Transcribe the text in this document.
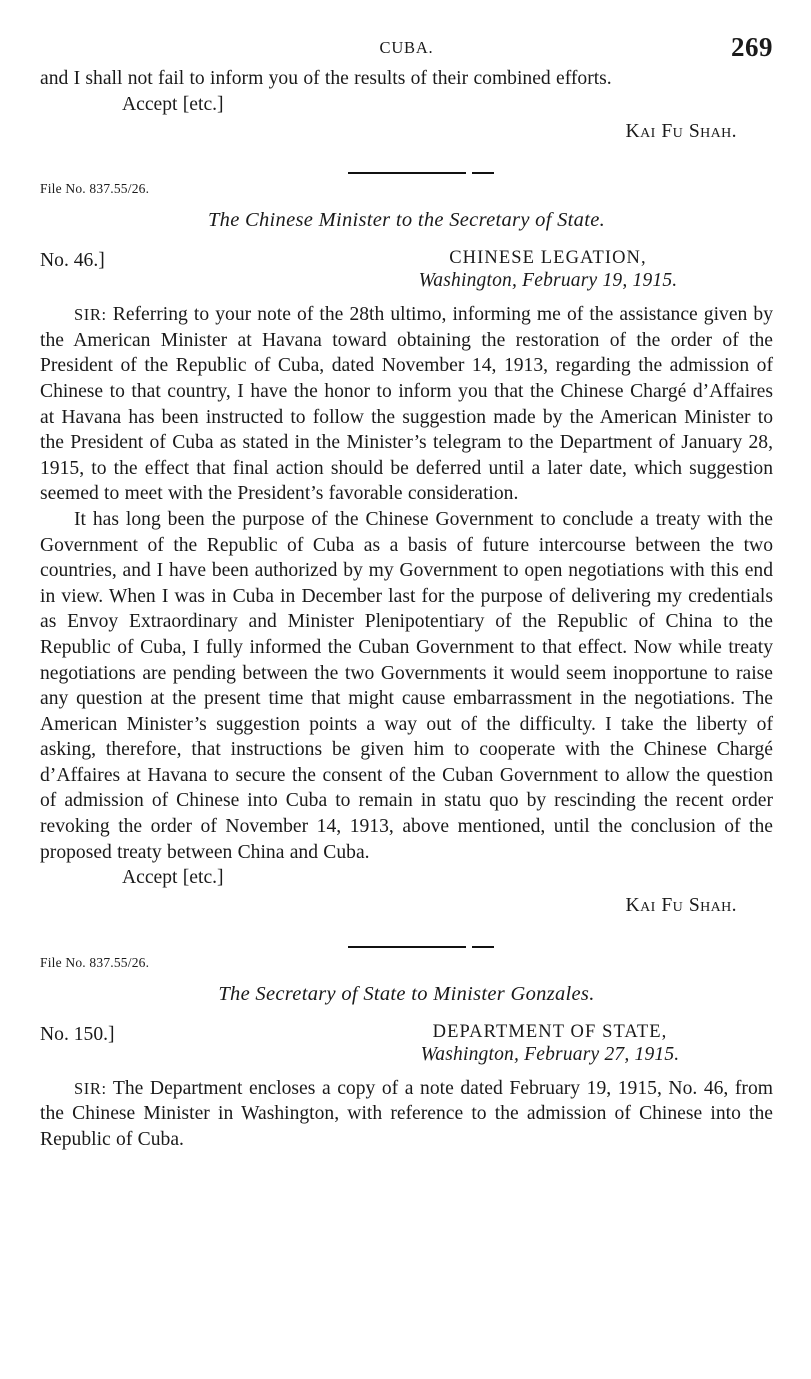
CUBA.	269

and I shall not fail to inform you of the results of their combined efforts.

Accept [etc.]

Kai Fu Shah.

File No. 837.55/26.

The Chinese Minister to the Secretary of State.

No. 46.]	CHINESE LEGATION,
Washington, February 19, 1915.

SIR: Referring to your note of the 28th ultimo, informing me of the assistance given by the American Minister at Havana toward obtaining the restoration of the order of the President of the Republic of Cuba, dated November 14, 1913, regarding the admission of Chinese to that country, I have the honor to inform you that the Chinese Chargé d’Affaires at Havana has been instructed to follow the suggestion made by the American Minister to the President of Cuba as stated in the Minister’s telegram to the Department of January 28, 1915, to the effect that final action should be deferred until a later date, which suggestion seemed to meet with the President’s favorable consideration.

It has long been the purpose of the Chinese Government to conclude a treaty with the Government of the Republic of Cuba as a basis of future intercourse between the two countries, and I have been authorized by my Government to open negotiations with this end in view. When I was in Cuba in December last for the purpose of delivering my credentials as Envoy Extraordinary and Minister Plenipotentiary of the Republic of China to the Republic of Cuba, I fully informed the Cuban Government to that effect. Now while treaty negotiations are pending between the two Governments it would seem inopportune to raise any question at the present time that might cause embarrassment in the negotiations. The American Minister’s suggestion points a way out of the difficulty. I take the liberty of asking, therefore, that instructions be given him to cooperate with the Chinese Chargé d’Affaires at Havana to secure the consent of the Cuban Government to allow the question of admission of Chinese into Cuba to remain in statu quo by rescinding the recent order revoking the order of November 14, 1913, above mentioned, until the conclusion of the proposed treaty between China and Cuba.

Accept [etc.]

Kai Fu Shah.

File No. 837.55/26.

The Secretary of State to Minister Gonzales.

No. 150.]	DEPARTMENT OF STATE,
Washington, February 27, 1915.

SIR: The Department encloses a copy of a note dated February 19, 1915, No. 46, from the Chinese Minister in Washington, with reference to the admission of Chinese into the Republic of Cuba.
